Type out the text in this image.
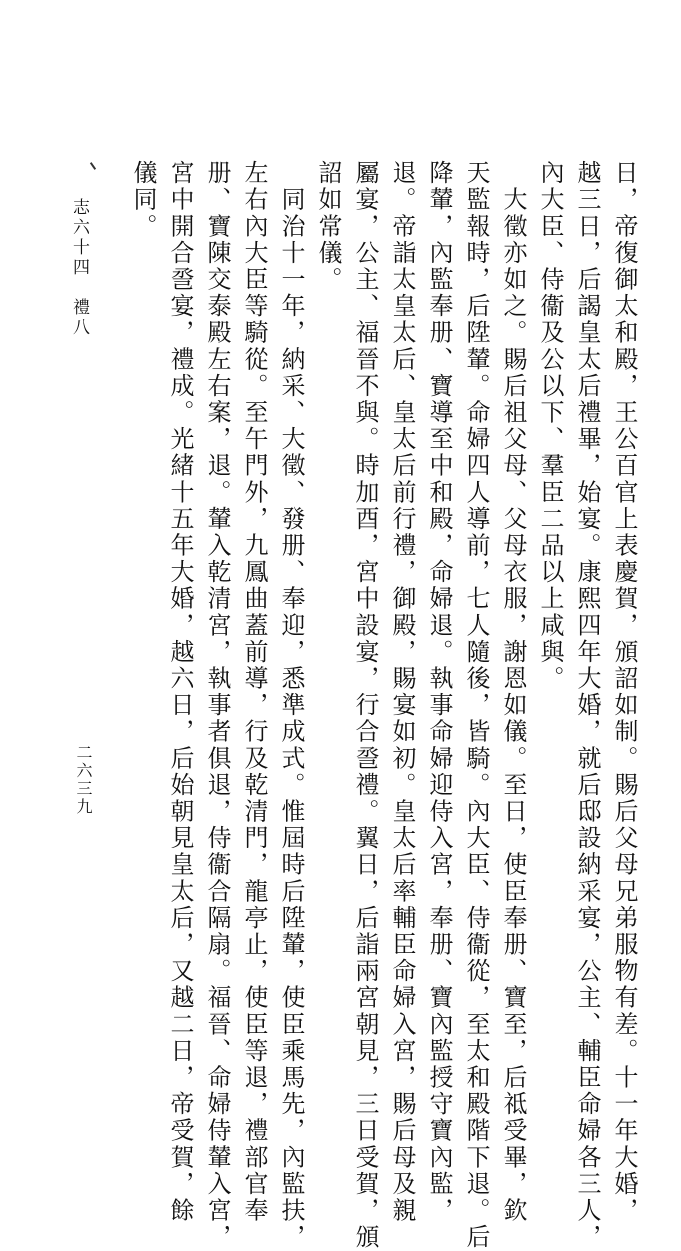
日，帝復御太和殿，王公百官上表慶賀，頒詔如制。賜后父母兄弟服物有差。十一年大婚，
越三日，后謁皇太后禮畢，始宴。康熙四年大婚，就后邸設納采宴，公主、輔臣命婦各三人，
內大臣、侍衞及公以下、羣臣二品以上咸與。
　大徵亦如之。賜后祖父母、父母衣服，謝恩如儀。至日，使臣奉册、寶至，后祗受畢，欽
天監報時，后陞輦。命婦四人導前，七人隨後，皆騎。內大臣、侍衞從，至太和殿階下退。后
降輦，內監奉册、寶導至中和殿，命婦退。執事命婦迎侍入宮，奉册、寶內監授守寶內監，
退。帝詣太皇太后、皇太后前行禮，御殿，賜宴如初。皇太后率輔臣命婦入宮，賜后母及親
屬宴，公主、福晉不與。時加酉，宮中設宴，行合巹禮。翼日，后詣兩宮朝見，三日受賀，頒
詔如常儀。
　同治十一年，納采、大徵、發册、奉迎，悉準成式。惟屆時后陞輦，使臣乘馬先，內監扶，
左右內大臣等騎從。至午門外，九鳳曲蓋前導，行及乾清門，龍亭止，使臣等退，禮部官奉
册、寶陳交泰殿左右案，退。輦入乾清宮，執事者俱退，侍衞合隔扇。福晉、命婦侍輦入宮，
宮中開合巹宴，禮成。光緒十五年大婚，越六日，后始朝見皇太后，又越二日，帝受賀，餘
儀同。
志六十四　禮八
二六三九
